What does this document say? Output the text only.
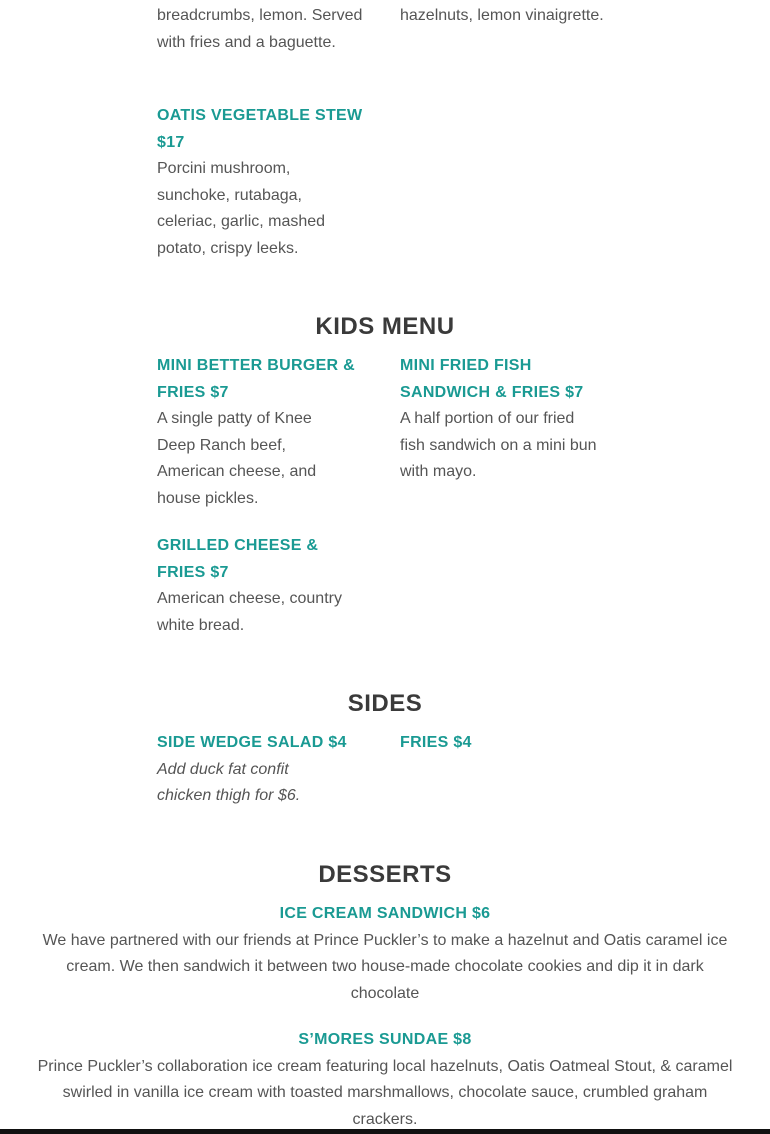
breadcrumbs, lemon. Served with fries and a baguette.
hazelnuts, lemon vinaigrette.
OATIS VEGETABLE STEW $17
Porcini mushroom, sunchoke, rutabaga, celeriac, garlic, mashed potato, crispy leeks.
KIDS MENU
MINI BETTER BURGER & FRIES $7
A single patty of Knee Deep Ranch beef, American cheese, and house pickles.
MINI FRIED FISH SANDWICH & FRIES $7
A half portion of our fried fish sandwich on a mini bun with mayo.
GRILLED CHEESE & FRIES $7
American cheese, country white bread.
SIDES
SIDE WEDGE SALAD $4
Add duck fat confit chicken thigh for $6.
FRIES $4
DESSERTS
ICE CREAM SANDWICH $6
We have partnered with our friends at Prince Puckler’s to make a hazelnut and Oatis caramel ice cream. We then sandwich it between two house-made chocolate cookies and dip it in dark chocolate
S’MORES SUNDAE $8
Prince Puckler’s collaboration ice cream featuring local hazelnuts, Oatis Oatmeal Stout, & caramel swirled in vanilla ice cream with toasted marshmallows, chocolate sauce, crumbled graham crackers.
